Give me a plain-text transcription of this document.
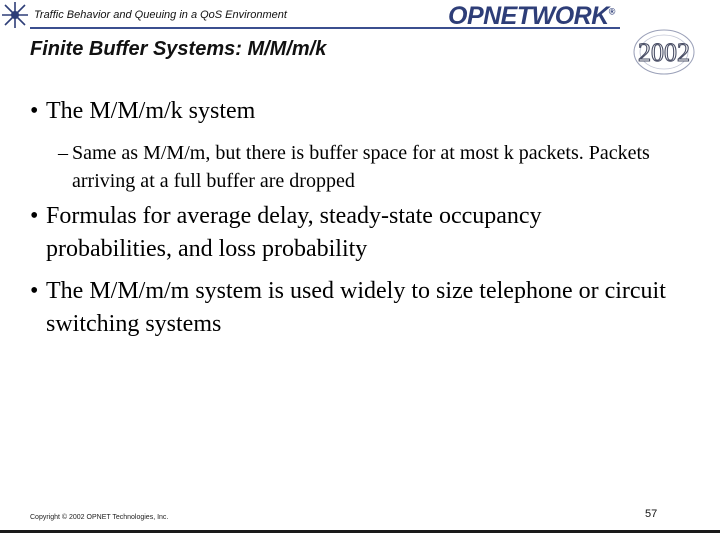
Traffic Behavior and Queuing in a QoS Environment	OPNETWORK®
2002
Finite Buffer Systems: M/M/m/k
• The M/M/m/k system
– Same as M/M/m, but there is buffer space for at most k packets. Packets arriving at a full buffer are dropped
• Formulas for average delay, steady-state occupancy probabilities, and loss probability
• The M/M/m/m system is used widely to size telephone or circuit switching systems
Copyright © 2002 OPNET Technologies, Inc.	57
